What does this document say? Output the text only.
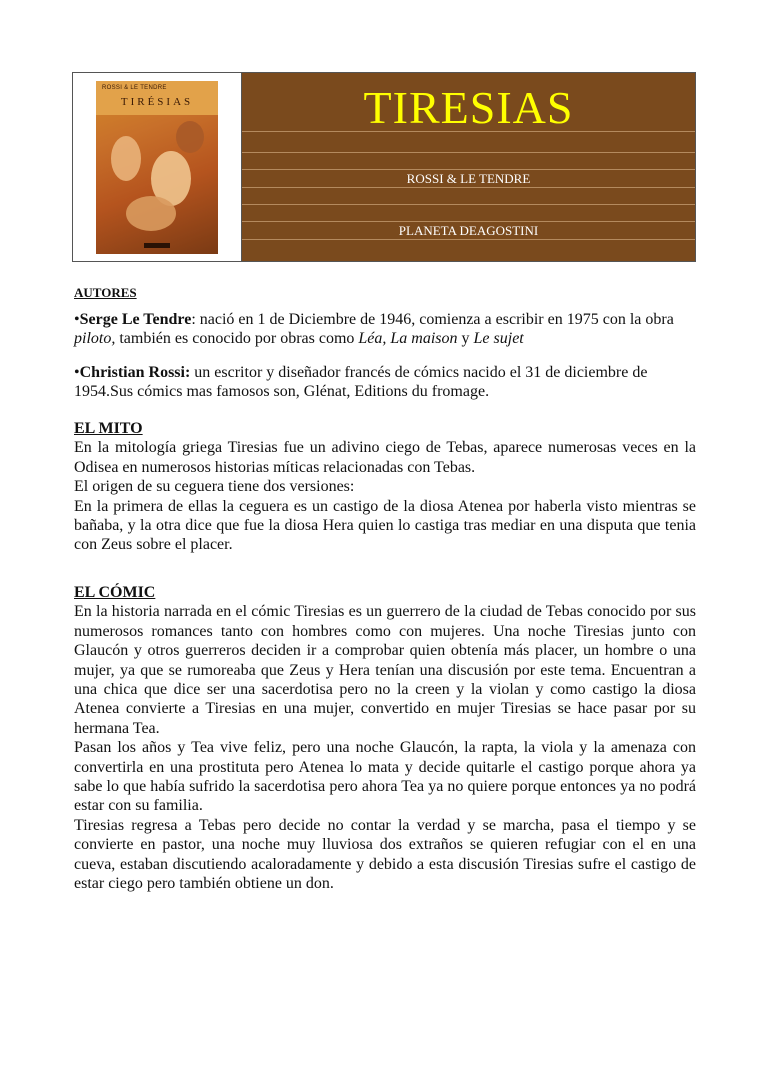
ROSSI & LE TENDRE
TIRÉSIAS	TIRESIAS
ROSSI & LE TENDRE
PLANETA DEAGOSTINI
AUTORES

•Serge Le Tendre: nació en 1 de Diciembre de 1946, comienza a escribir en 1975 con la obra piloto, también es conocido por obras como Léa, La maison y Le sujet

•Christian Rossi: un escritor y diseñador francés de cómics nacido el 31 de diciembre de 1954.Sus cómics mas famosos son, Glénat, Editions du fromage.

EL MITO

En la mitología griega Tiresias fue un adivino ciego de Tebas, aparece numerosas veces en la Odisea en numerosos historias míticas relacionadas con Tebas.

El origen de su ceguera tiene dos versiones:

En la primera de ellas la ceguera es un castigo de la diosa Atenea por haberla visto mientras se bañaba, y la otra dice que fue la diosa Hera quien lo castiga tras mediar en una disputa que tenia con Zeus sobre el placer.

EL CÓMIC

En la historia narrada en el cómic Tiresias es un guerrero de la ciudad de Tebas conocido por sus numerosos romances tanto con hombres como con mujeres. Una noche Tiresias junto con Glaucón y otros guerreros deciden ir a comprobar quien obtenía más placer, un hombre o una mujer, ya que se rumoreaba que Zeus y Hera tenían una discusión por este tema. Encuentran a una chica que dice ser una sacerdotisa pero no la creen y la violan y como castigo la diosa Atenea convierte a Tiresias en una mujer, convertido en mujer Tiresias se hace pasar por su hermana Tea.

Pasan los años y Tea vive feliz, pero una noche Glaucón, la rapta, la viola y la amenaza con convertirla en una prostituta pero Atenea lo mata y decide quitarle el castigo porque ahora ya sabe lo que había sufrido la sacerdotisa pero ahora Tea ya no quiere porque entonces ya no podrá estar con su familia.

Tiresias regresa a Tebas pero decide no contar la verdad y se marcha, pasa el tiempo y se convierte en pastor, una noche muy lluviosa dos extraños se quieren refugiar con el en una cueva, estaban discutiendo acaloradamente y debido a esta discusión Tiresias sufre el castigo de estar ciego pero también obtiene un don.
